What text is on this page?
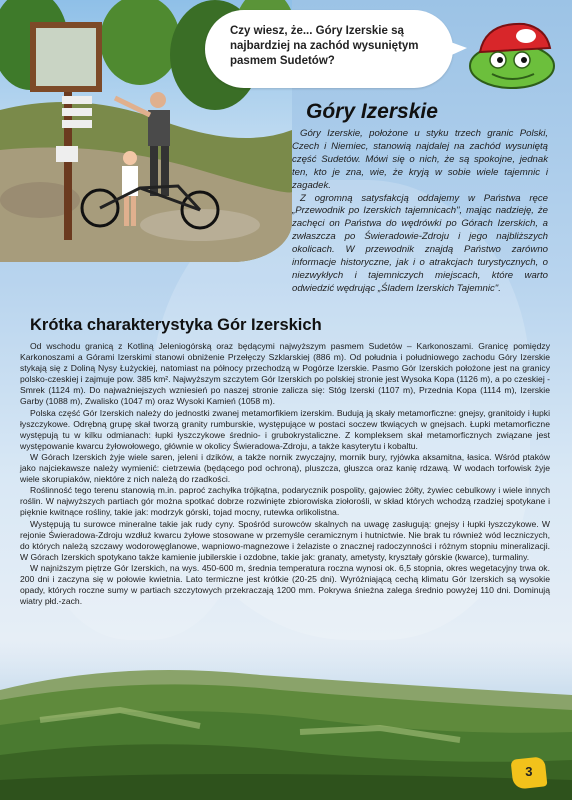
Czy wiesz, że... Góry Izerskie są najbardziej na zachód wysuniętym pasmem Sudetów?
Góry Izerskie

Góry Izerskie, położone u styku trzech granic Polski, Czech i Niemiec, stanowią najdalej na zachód wysuniętą część Sudetów. Mówi się o nich, że są spokojne, jednak ten, kto je zna, wie, że kryją w sobie wiele tajemnic i zagadek.

Z ogromną satysfakcją oddajemy w Państwa ręce „Przewodnik po Izerskich tajemnicach", mając nadzieję, że zachęci on Państwa do wędrówki po Górach Izerskich, a zwłaszcza po Świeradowie-Zdroju i jego najbliższych okolicach. W przewodnik znajdą Państwo zarówno informacje historyczne, jak i o atrakcjach turystycznych, o niezwykłych i tajemniczych miejscach, które warto odwiedzić wędrując „Śladem Izerskich Tajemnic".

Krótka charakterystyka Gór Izerskich

Od wschodu granicą z Kotliną Jeleniogórską oraz będącymi najwyższym pasmem Sudetów – Karkonoszami. Granicę pomiędzy Karkonoszami a Górami Izerskimi stanowi obniżenie Przełęczy Szklarskiej (886 m). Od południa i południowego zachodu Góry Izerskie stykają się z Doliną Nysy Łużyckiej, natomiast na północy przechodzą w Pogórze Izerskie. Pasmo Gór Izerskich położone jest na granicy polsko-czeskiej i zajmuje pow. 385 km². Najwyższym szczytem Gór Izerskich po polskiej stronie jest Wysoka Kopa (1126 m), a po czeskiej - Smrek (1124 m). Do najważniejszych wzniesień po naszej stronie zalicza się: Stóg Izerski (1107 m), Przednia Kopa (1114 m), Izerskie Garby (1088 m), Zwalisko (1047 m) oraz Wysoki Kamień (1058 m).

Polska część Gór Izerskich należy do jednostki zwanej metamorfikiem izerskim. Budują ją skały metamorficzne: gnejsy, granitoidy i łupki łyszczykowe. Odrębną grupę skał tworzą granity rumburskie, występujące w postaci soczew tkwiących w gnejsach. Łupki metamorficzne występują tu w kilku odmianach: łupki łyszczykowe średnio- i grubokrystaliczne. Z kompleksem skał metamorficznych związane jest występowanie kwarcu żyłowołowego, głównie w okolicy Świeradowa-Zdroju, a także kasyterytu i kobaltu.

W Górach Izerskich żyje wiele saren, jeleni i dzików, a także nornik zwyczajny, mornik bury, ryjówka aksamitna, łasica. Wśród ptaków jako najciekawsze należy wymienić: cietrzewia (będącego pod ochroną), pluszcza, głuszca oraz kanię rdzawą. W wodach torfowisk żyje wiele skorupiaków, niektóre z nich należą do rzadkości.

Roślinność tego terenu stanowią m.in. paproć zachyłka trójkątna, podarycznik pospolity, gajowiec żółty, żywiec cebulkowy i wiele innych roślin. W najwyższych partiach gór można spotkać dobrze rozwinięte zbiorowiska ziołorośli, w skład których wchodzą rzadziej spotykane i pięknie kwitnące rośliny, takie jak: modrzyk górski, tojad mocny, rutewka orlikolistna.

Występują tu surowce mineralne takie jak rudy cyny. Spośród surowców skalnych na uwagę zasługują: gnejsy i łupki łyszczykowe. W rejonie Świeradowa-Zdroju wzdłuż kwarcu żyłowe stosowane w przemyśle ceramicznym i hutnictwie. Nie brak tu również wód leczniczych, do których należą szczawy wodorowęglanowe, wapniowo-magnezowe i żelaziste o znacznej radoczynności i różnym stopniu mineralizacji. W Górach Izerskich spotykano także kamienie jubilerskie i ozdobne, takie jak: granaty, ametysty, kryształy górskie (kwarce), turmaliny.

W najniższym piętrze Gór Izerskich, na wys. 450-600 m, średnia temperatura roczna wynosi ok. 6,5 stopnia, okres wegetacyjny trwa ok. 200 dni i zaczyna się w połowie kwietnia. Lato termiczne jest krótkie (20-25 dni). Wyróżniającą cechą klimatu Gór Izerskich są wysokie opady, których roczne sumy w partiach szczytowych przekraczają 1200 mm. Pokrywa śnieżna zalega średnio powyżej 110 dni. Dominują wiatry płd.-zach.

3
